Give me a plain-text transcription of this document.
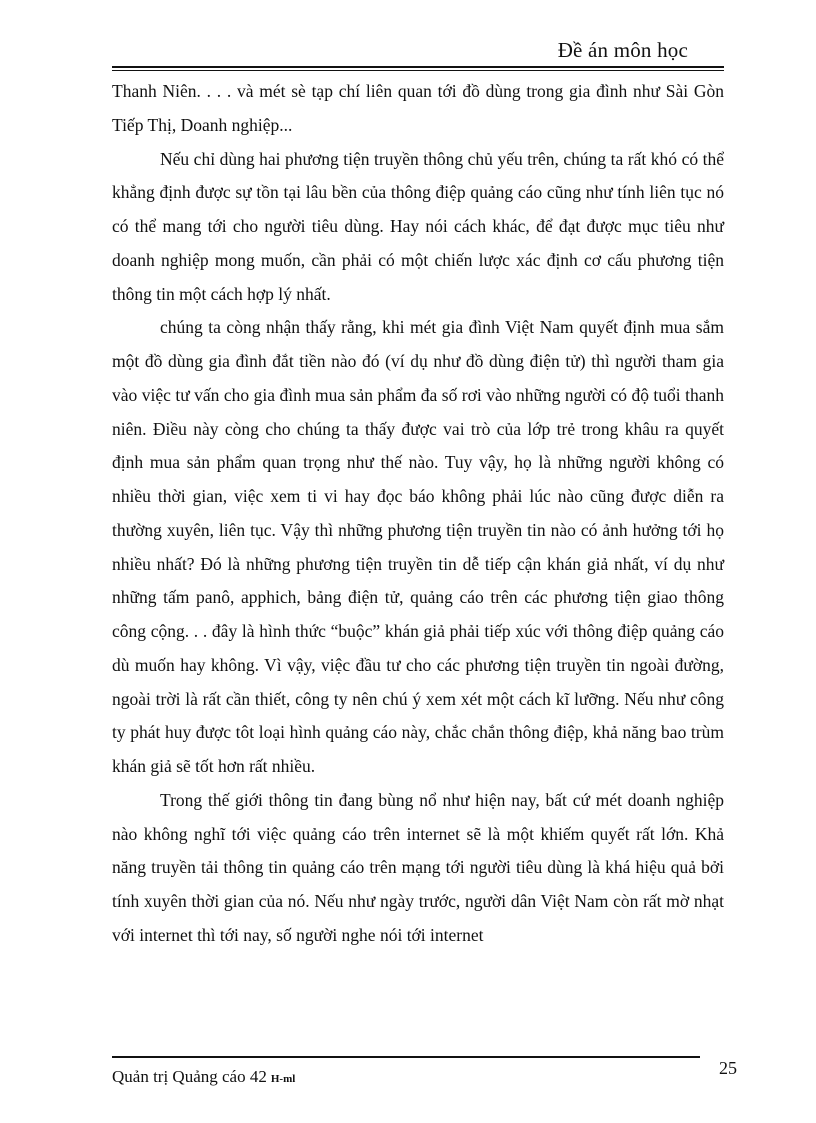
Đề án môn học

Thanh Niên. . . . và mét sè tạp chí liên quan tới đồ dùng trong gia đình như Sài Gòn Tiếp Thị, Doanh nghiệp...

Nếu chỉ dùng hai phương tiện truyền thông chủ yếu trên, chúng ta rất khó có thể khẳng định được sự tồn tại lâu bền của thông điệp quảng cáo cũng như tính liên tục nó có thể mang tới cho người tiêu dùng. Hay nói cách khác, để đạt được mục tiêu như doanh nghiệp mong muốn, cần phải có một chiến lược xác định cơ cấu phương tiện thông tin một cách hợp lý nhất.

chúng ta còng nhận thấy rằng, khi mét gia đình Việt Nam quyết định mua sắm một đồ dùng gia đình đắt tiền nào đó (ví dụ như đồ dùng điện tử) thì người tham gia vào việc tư vấn cho gia đình mua sản phẩm đa số rơi vào những người có độ tuổi thanh niên. Điều này còng cho chúng ta thấy được vai trò của lớp trẻ trong khâu ra quyết định mua sản phẩm quan trọng như thế nào. Tuy vậy, họ là những người không có nhiều thời gian, việc xem ti vi hay đọc báo không phải lúc nào cũng được diễn ra thường xuyên, liên tục. Vậy thì những phương tiện truyền tin nào có ảnh hưởng tới họ nhiều nhất? Đó là những phương tiện truyền tin dễ tiếp cận khán giả nhất, ví dụ như những tấm panô, apphich, bảng điện tử, quảng cáo trên các phương tiện giao thông công cộng. . . đây là hình thức “buộc” khán giả phải tiếp xúc với thông điệp quảng cáo dù muốn hay không. Vì vậy, việc đầu tư cho các phương tiện truyền tin ngoài đường, ngoài trời là rất cần thiết, công ty nên chú ý xem xét một cách kĩ lưỡng. Nếu như công ty phát huy được tôt loại hình quảng cáo này, chắc chắn thông điệp, khả năng bao trùm khán giả sẽ tốt hơn rất nhiều.

Trong thế giới thông tin đang bùng nổ như hiện nay, bất cứ mét doanh nghiệp nào không nghĩ tới việc quảng cáo trên internet sẽ là một khiếm quyết rất lớn. Khả năng truyền tải thông tin quảng cáo trên mạng tới người tiêu dùng là khá hiệu quả bởi tính xuyên thời gian của nó. Nếu như ngày trước, người dân Việt Nam còn rất mờ nhạt với internet thì tới nay, số người nghe nói tới internet

Quản trị Quảng cáo 42 H-ml
25
